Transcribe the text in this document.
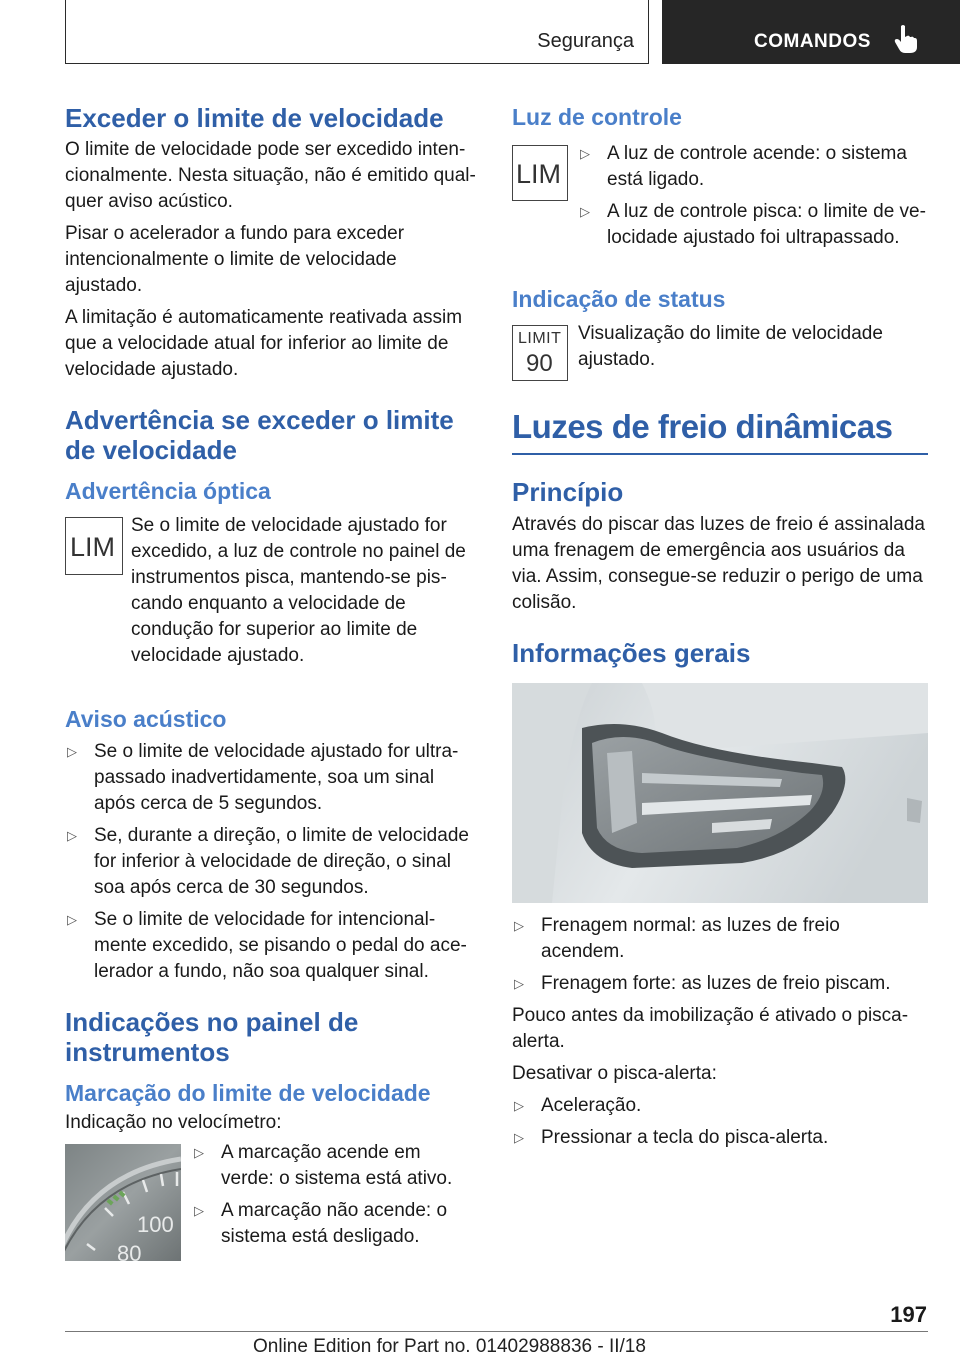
Segurança	COMANDOS
Exceder o limite de velocidade

O limite de velocidade pode ser excedido intencionalmente. Nesta situação, não é emitido qualquer aviso acústico.

Pisar o acelerador a fundo para exceder intencionalmente o limite de velocidade ajustado.

A limitação é automaticamente reativada assim que a velocidade atual for inferior ao limite de velocidade ajustado.

Advertência se exceder o limite de velocidade
Advertência óptica
LIM

Se o limite de velocidade ajustado for excedido, a luz de controle no painel de instrumentos pisca, mantendo-se piscando enquanto a velocidade de condução for superior ao limite de velocidade ajustado.

Aviso acústico
▷ Se o limite de velocidade ajustado for ultrapassado inadvertidamente, soa um sinal após cerca de 5 segundos.
▷ Se, durante a direção, o limite de velocidade for inferior à velocidade de direção, o sinal soa após cerca de 30 segundos.
▷ Se o limite de velocidade for intencionalmente excedido, se pisando o pedal do acelerador a fundo, não soa qualquer sinal.
Indicações no painel de instrumentos
Marcação do limite de velocidade

Indicação no velocímetro:

100
80
▷ A marcação acende em verde: o sistema está ativo.
▷ A marcação não acende: o sistema está desligado.
Luz de controle
LIM
▷ A luz de controle acende: o sistema está ligado.
▷ A luz de controle pisca: o limite de velocidade ajustado foi ultrapassado.
Indicação de status
LIMIT
90

Visualização do limite de velocidade ajustado.

Luzes de freio dinâmicas
Princípio

Através do piscar das luzes de freio é assinalada uma frenagem de emergência aos usuários da via. Assim, consegue-se reduzir o perigo de uma colisão.

Informações gerais
▷ Frenagem normal: as luzes de freio acendem.
▷ Frenagem forte: as luzes de freio piscam.

Pouco antes da imobilização é ativado o pisca-alerta.

Desativar o pisca-alerta:

▷ Aceleração.
▷ Pressionar a tecla do pisca-alerta.
197
Online Edition for Part no. 01402988836 - II/18
